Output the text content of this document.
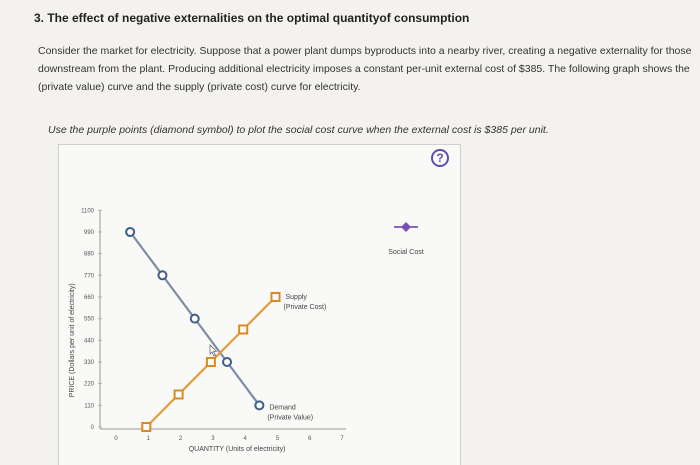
3. The effect of negative externalities on the optimal quantityof consumption

Consider the market for electricity. Suppose that a power plant dumps byproducts into a nearby river, creating a negative externality for those

downstream from the plant. Producing additional electricity imposes a constant per-unit external cost of $385. The following graph shows the

(private value) curve and the supply (private cost) curve for electricity.

Use the purple points (diamond symbol) to plot the social cost curve when the external cost is $385 per unit.
?
1100
990
880
770
660
550
440
330
220
110
0
0	1	2	3	4	5	6	7
QUANTITY (Units of electricity)
PRICE (Dollars per unit of electricity)
Demand
(Private Value)
Supply
(Private Cost)
Social Cost
